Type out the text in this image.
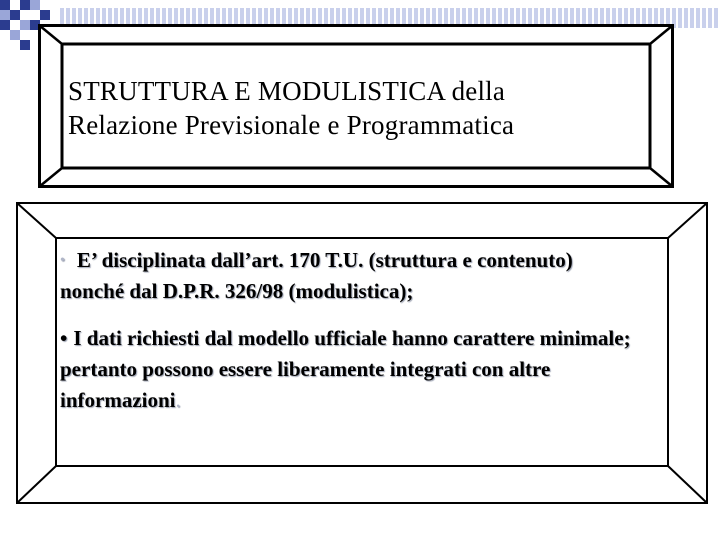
STRUTTURA E MODULISTICA della
Relazione Previsionale e Programmatica

• E’ disciplinata dall’art. 170 T.U. (struttura e contenuto) nonché dal D.P.R. 326/98 (modulistica);

• I dati richiesti dal modello ufficiale hanno carattere minimale; pertanto possono essere liberamente integrati con altre informazioni.
